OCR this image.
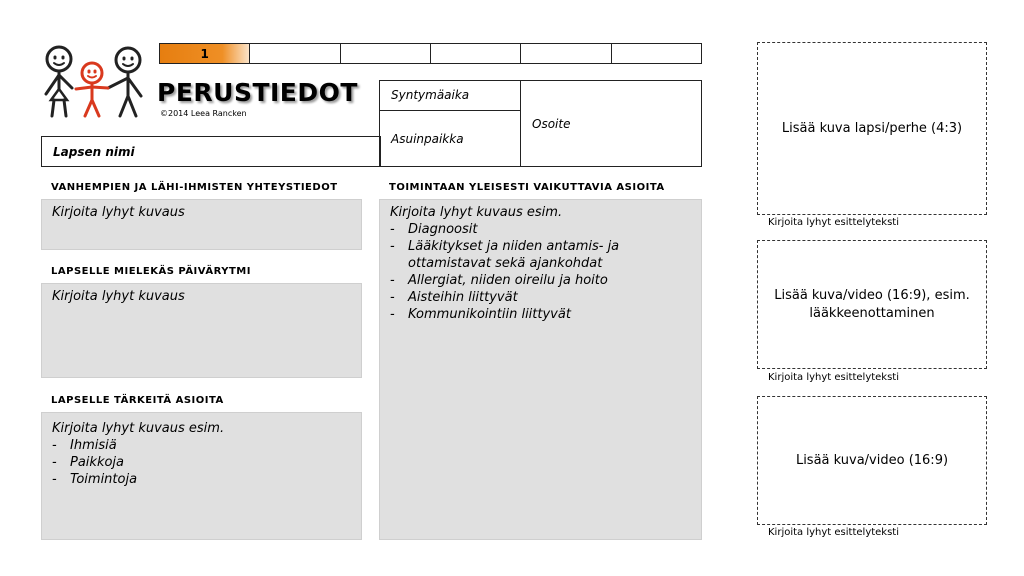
1
PERUSTIEDOT
©2014 Leea Rancken
Lapsen nimi
Syntymäaika
Asuinpaikka
Osoite
VANHEMPIEN JA LÄHI-IHMISTEN YHTEYSTIEDOT
Kirjoita lyhyt kuvaus
LAPSELLE MIELEKÄS PÄIVÄRYTMI
Kirjoita lyhyt kuvaus
LAPSELLE TÄRKEITÄ ASIOITA
Kirjoita lyhyt kuvaus esim.
- Ihmisiä
- Paikkoja
- Toimintoja
TOIMINTAAN YLEISESTI VAIKUTTAVIA ASIOITA
Kirjoita lyhyt kuvaus esim.
- Diagnoosit
- Lääkitykset ja niiden antamis- ja ottamistavat sekä ajankohdat
- Allergiat, niiden oireilu ja hoito
- Aisteihin liittyvät
- Kommunikointiin liittyvät
Lisää kuva lapsi/perhe (4:3)
Kirjoita lyhyt esittelyteksti
Lisää kuva/video (16:9), esim. lääkkeenottaminen
Kirjoita lyhyt esittelyteksti
Lisää kuva/video (16:9)
Kirjoita lyhyt esittelyteksti
